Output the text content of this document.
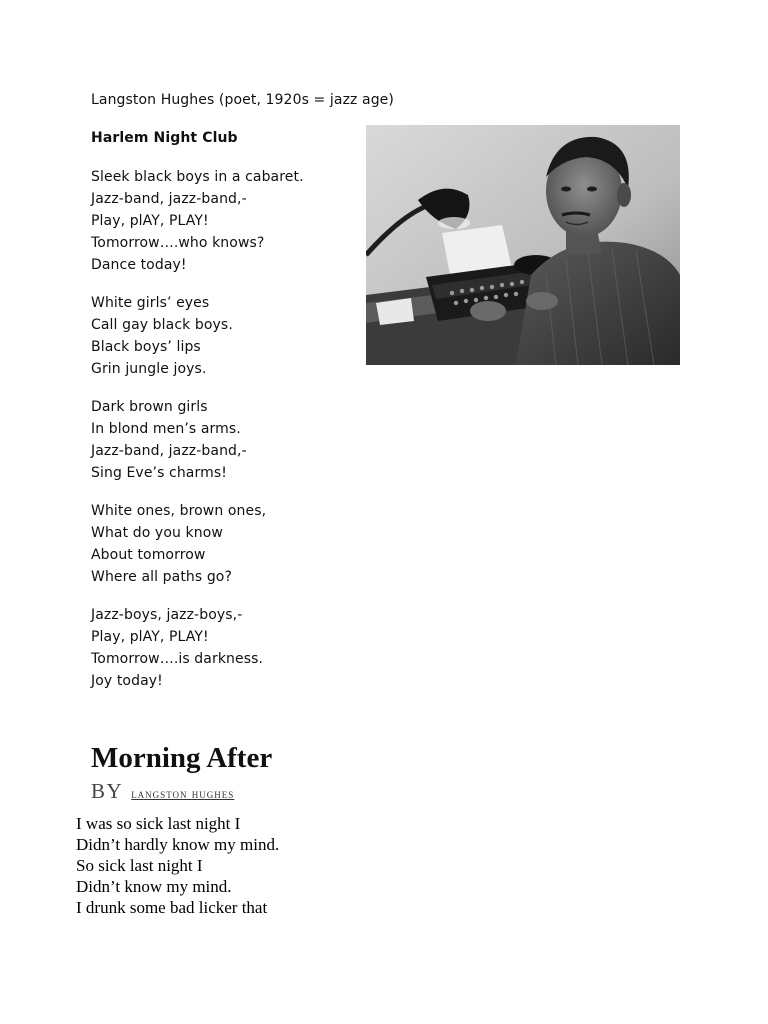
Langston Hughes (poet, 1920s = jazz age)
Harlem Night Club
Sleek black boys in a cabaret.
Jazz-band, jazz-band,-
Play, plAY, PLAY!
Tomorrow….who knows?
Dance today!
White girls’ eyes
Call gay black boys.
Black boys’ lips
Grin jungle joys.
Dark brown girls
In blond men’s arms.
Jazz-band, jazz-band,-
Sing Eve’s charms!
White ones, brown ones,
What do you know
About tomorrow
Where all paths go?
Jazz-boys, jazz-boys,-
Play, plAY, PLAY!
Tomorrow….is darkness.
Joy today!
Morning After
BY langston hughes
I was so sick last night I
Didn’t hardly know my mind.
So sick last night I
Didn’t know my mind.
I drunk some bad licker that
